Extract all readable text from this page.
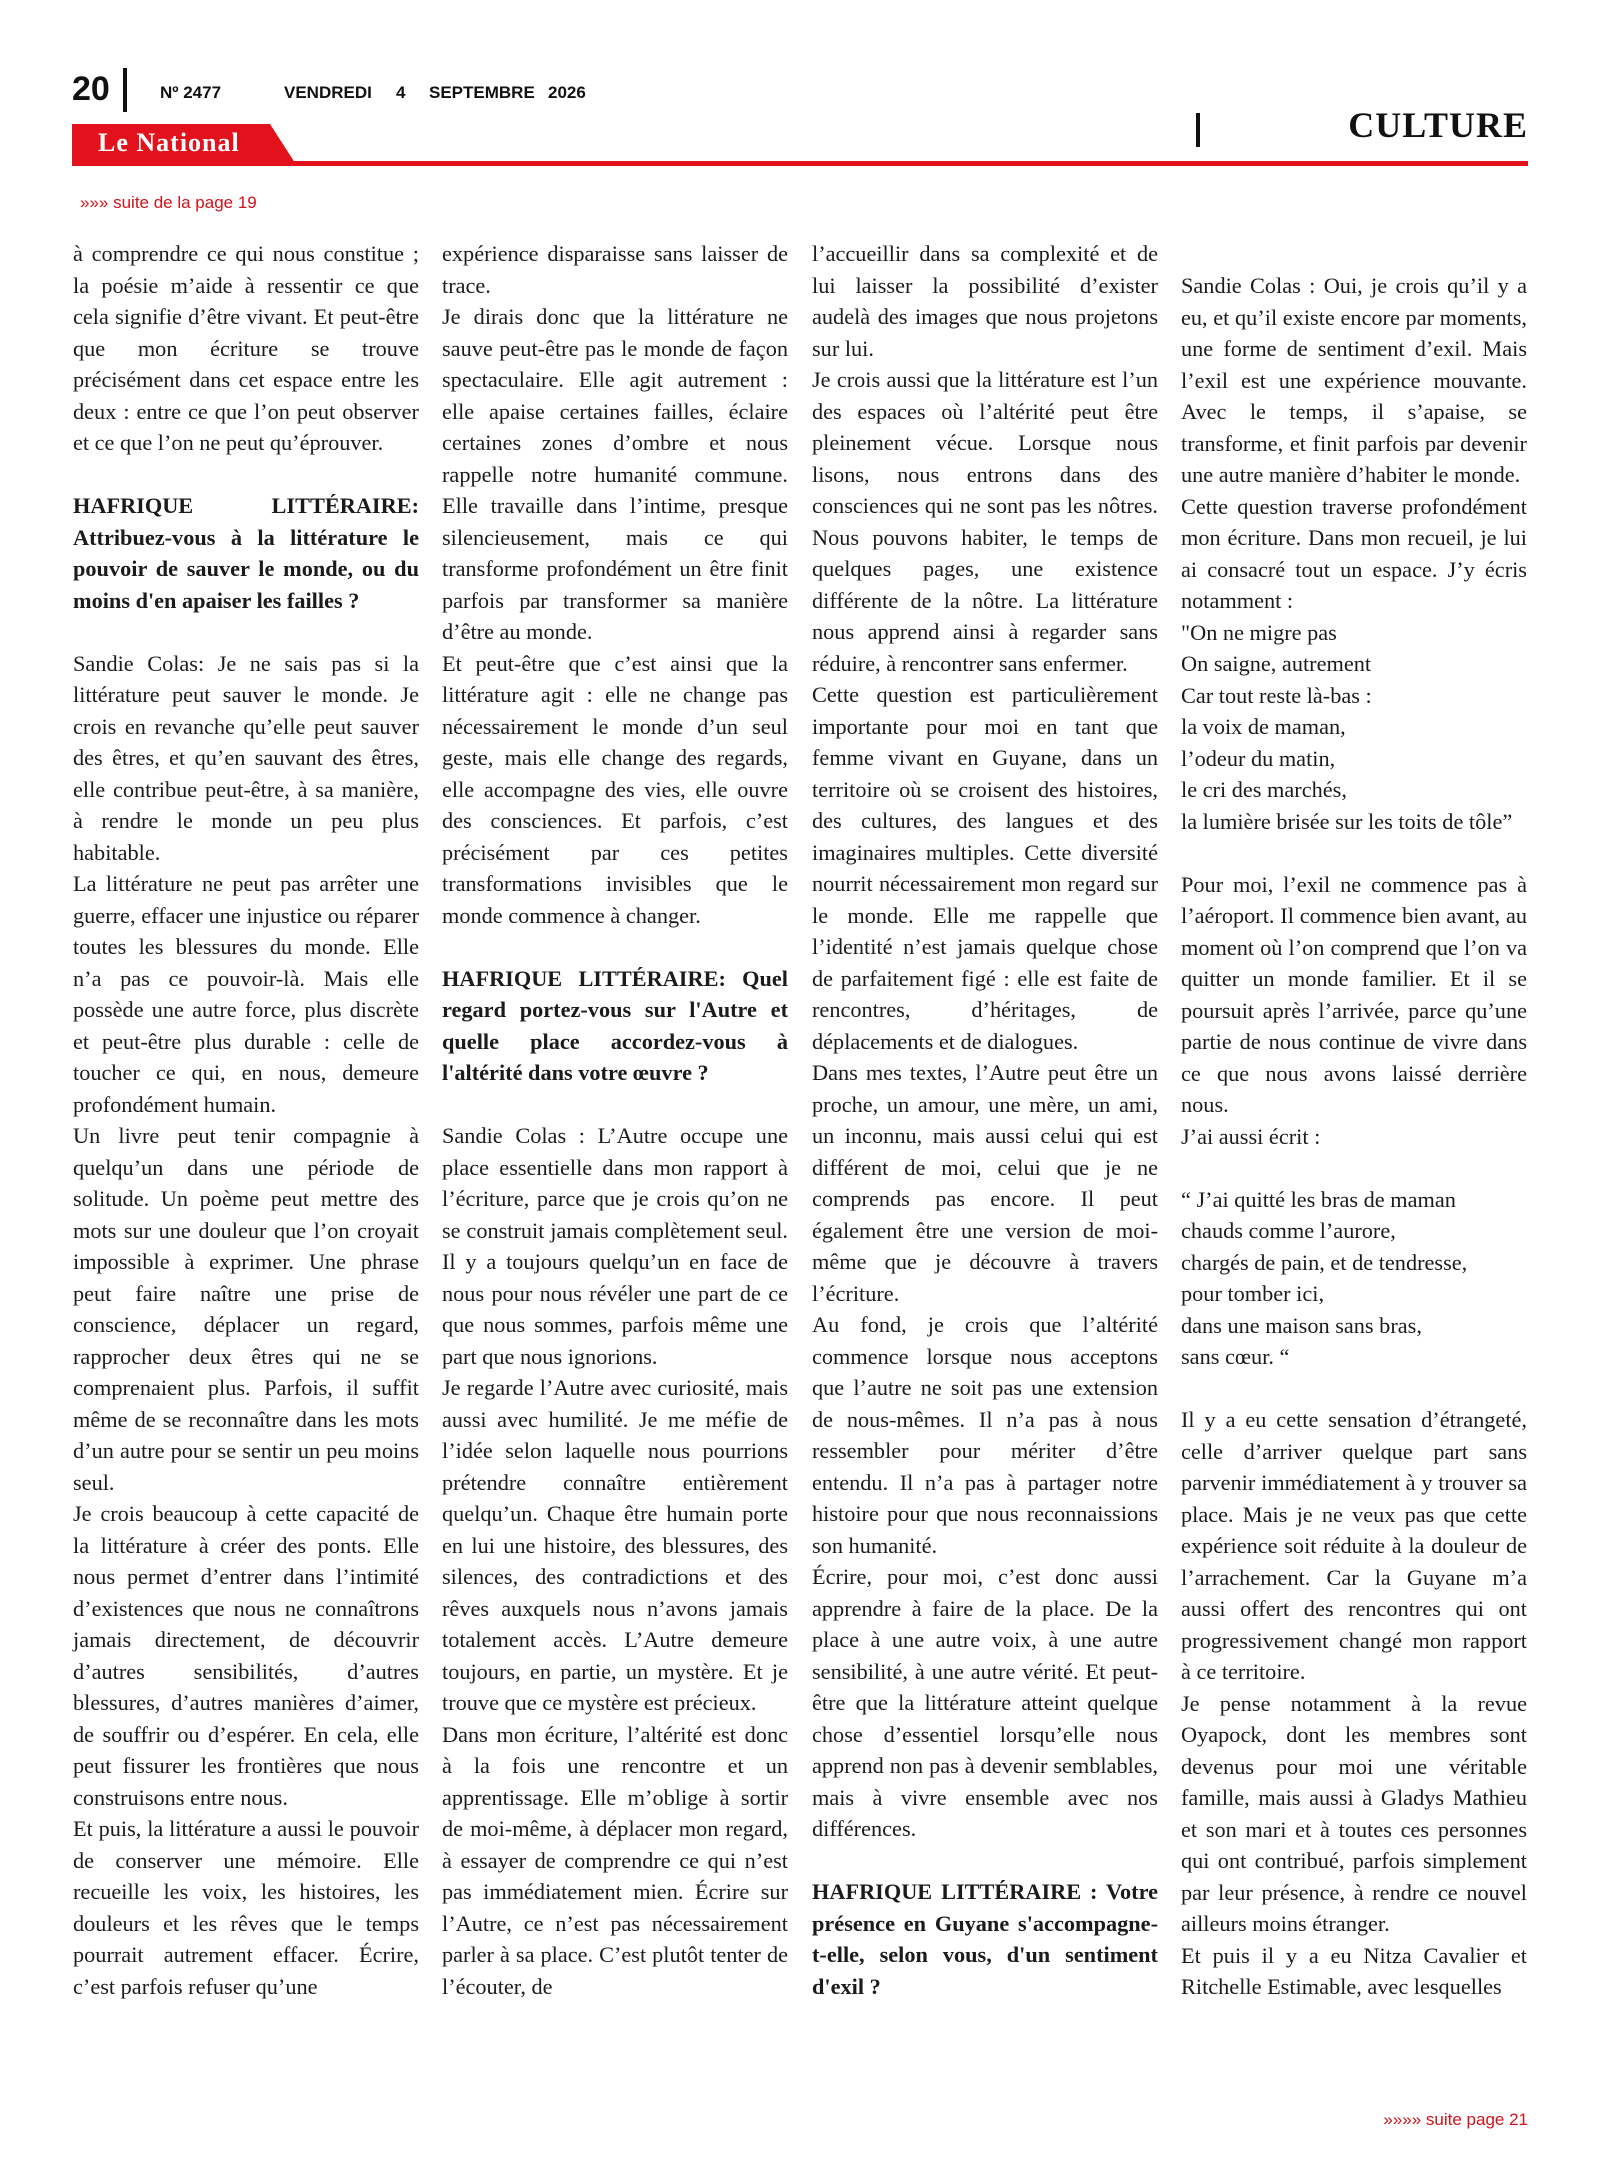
20	Nº 2477	VENDREDI 4 SEPTEMBRE 2026
Le National	CULTURE
»»» suite de la page 19

à comprendre ce qui nous constitue ; la poésie m’aide à ressentir ce que cela signifie d’être vivant. Et peut-être que mon écriture se trouve précisément dans cet espace entre les deux : entre ce que l’on peut observer et ce que l’on ne peut qu’éprouver.

HAFRIQUE LITTÉRAIRE: Attribuez-vous à la littérature le pouvoir de sauver le monde, ou du moins d'en apaiser les failles ?

Sandie Colas: Je ne sais pas si la littérature peut sauver le monde. Je crois en revanche qu’elle peut sauver des êtres, et qu’en sauvant des êtres, elle contribue peut-être, à sa manière, à rendre le monde un peu plus habitable.

La littérature ne peut pas arrêter une guerre, effacer une injustice ou réparer toutes les blessures du monde. Elle n’a pas ce pouvoir-là. Mais elle possède une autre force, plus discrète et peut-être plus durable : celle de toucher ce qui, en nous, demeure profondément humain.

Un livre peut tenir compagnie à quelqu’un dans une période de solitude. Un poème peut mettre des mots sur une douleur que l’on croyait impossible à exprimer. Une phrase peut faire naître une prise de conscience, déplacer un regard, rapprocher deux êtres qui ne se comprenaient plus. Parfois, il suffit même de se reconnaître dans les mots d’un autre pour se sentir un peu moins seul.

Je crois beaucoup à cette capacité de la littérature à créer des ponts. Elle nous permet d’entrer dans l’intimité d’existences que nous ne connaîtrons jamais directement, de découvrir d’autres sensibilités, d’autres blessures, d’autres manières d’aimer, de souffrir ou d’espérer. En cela, elle peut fissurer les frontières que nous construisons entre nous.

Et puis, la littérature a aussi le pouvoir de conserver une mémoire. Elle recueille les voix, les histoires, les douleurs et les rêves que le temps pourrait autrement effacer. Écrire, c’est parfois refuser qu’une

expérience disparaisse sans laisser de trace.

Je dirais donc que la littérature ne sauve peut-être pas le monde de façon spectaculaire. Elle agit autrement : elle apaise certaines failles, éclaire certaines zones d’ombre et nous rappelle notre humanité commune. Elle travaille dans l’intime, presque silencieusement, mais ce qui transforme profondément un être finit parfois par transformer sa manière d’être au monde.

Et peut-être que c’est ainsi que la littérature agit : elle ne change pas nécessairement le monde d’un seul geste, mais elle change des regards, elle accompagne des vies, elle ouvre des consciences. Et parfois, c’est précisément par ces petites transformations invisibles que le monde commence à changer.

HAFRIQUE LITTÉRAIRE: Quel regard portez-vous sur l'Autre et quelle place accordez-vous à l'altérité dans votre œuvre ?

Sandie Colas : L’Autre occupe une place essentielle dans mon rapport à l’écriture, parce que je crois qu’on ne se construit jamais complètement seul. Il y a toujours quelqu’un en face de nous pour nous révéler une part de ce que nous sommes, parfois même une part que nous ignorions.

Je regarde l’Autre avec curiosité, mais aussi avec humilité. Je me méfie de l’idée selon laquelle nous pourrions prétendre connaître entièrement quelqu’un. Chaque être humain porte en lui une histoire, des blessures, des silences, des contradictions et des rêves auxquels nous n’avons jamais totalement accès. L’Autre demeure toujours, en partie, un mystère. Et je trouve que ce mystère est précieux.

Dans mon écriture, l’altérité est donc à la fois une rencontre et un apprentissage. Elle m’oblige à sortir de moi-même, à déplacer mon regard, à essayer de comprendre ce qui n’est pas immédiatement mien. Écrire sur l’Autre, ce n’est pas nécessairement parler à sa place. C’est plutôt tenter de l’écouter, de

l’accueillir dans sa complexité et de lui laisser la possibilité d’exister audelà des images que nous projetons sur lui.

Je crois aussi que la littérature est l’un des espaces où l’altérité peut être pleinement vécue. Lorsque nous lisons, nous entrons dans des consciences qui ne sont pas les nôtres. Nous pouvons habiter, le temps de quelques pages, une existence différente de la nôtre. La littérature nous apprend ainsi à regarder sans réduire, à rencontrer sans enfermer.

Cette question est particulièrement importante pour moi en tant que femme vivant en Guyane, dans un territoire où se croisent des histoires, des cultures, des langues et des imaginaires multiples. Cette diversité nourrit nécessairement mon regard sur le monde. Elle me rappelle que l’identité n’est jamais quelque chose de parfaitement figé : elle est faite de rencontres, d’héritages, de déplacements et de dialogues.

Dans mes textes, l’Autre peut être un proche, un amour, une mère, un ami, un inconnu, mais aussi celui qui est différent de moi, celui que je ne comprends pas encore. Il peut également être une version de moi-même que je découvre à travers l’écriture.

Au fond, je crois que l’altérité commence lorsque nous acceptons que l’autre ne soit pas une extension de nous-mêmes. Il n’a pas à nous ressembler pour mériter d’être entendu. Il n’a pas à partager notre histoire pour que nous reconnaissions son humanité.

Écrire, pour moi, c’est donc aussi apprendre à faire de la place. De la place à une autre voix, à une autre sensibilité, à une autre vérité. Et peut-être que la littérature atteint quelque chose d’essentiel lorsqu’elle nous apprend non pas à devenir semblables, mais à vivre ensemble avec nos différences.

HAFRIQUE LITTÉRAIRE : Votre présence en Guyane s'accompagne-t-elle, selon vous, d'un sentiment d'exil ?

Sandie Colas : Oui, je crois qu’il y a eu, et qu’il existe encore par moments, une forme de sentiment d’exil. Mais l’exil est une expérience mouvante. Avec le temps, il s’apaise, se transforme, et finit parfois par devenir une autre manière d’habiter le monde.

Cette question traverse profondément mon écriture. Dans mon recueil, je lui ai consacré tout un espace. J’y écris notamment :

"On ne migre pas

On saigne, autrement

Car tout reste là-bas :

la voix de maman,

l’odeur du matin,

le cri des marchés,

la lumière brisée sur les toits de tôle”

Pour moi, l’exil ne commence pas à l’aéroport. Il commence bien avant, au moment où l’on comprend que l’on va quitter un monde familier. Et il se poursuit après l’arrivée, parce qu’une partie de nous continue de vivre dans ce que nous avons laissé derrière nous.

J’ai aussi écrit :

“ J’ai quitté les bras de maman

chauds comme l’aurore,

chargés de pain, et de tendresse,

pour tomber ici,

dans une maison sans bras,

sans cœur. “

Il y a eu cette sensation d’étrangeté, celle d’arriver quelque part sans parvenir immédiatement à y trouver sa place. Mais je ne veux pas que cette expérience soit réduite à la douleur de l’arrachement. Car la Guyane m’a aussi offert des rencontres qui ont progressivement changé mon rapport à ce territoire.

Je pense notamment à la revue Oyapock, dont les membres sont devenus pour moi une véritable famille, mais aussi à Gladys Mathieu et son mari et à toutes ces personnes qui ont contribué, parfois simplement par leur présence, à rendre ce nouvel ailleurs moins étranger.

Et puis il y a eu Nitza Cavalier et Ritchelle Estimable, avec lesquelles

»»»» suite page 21
